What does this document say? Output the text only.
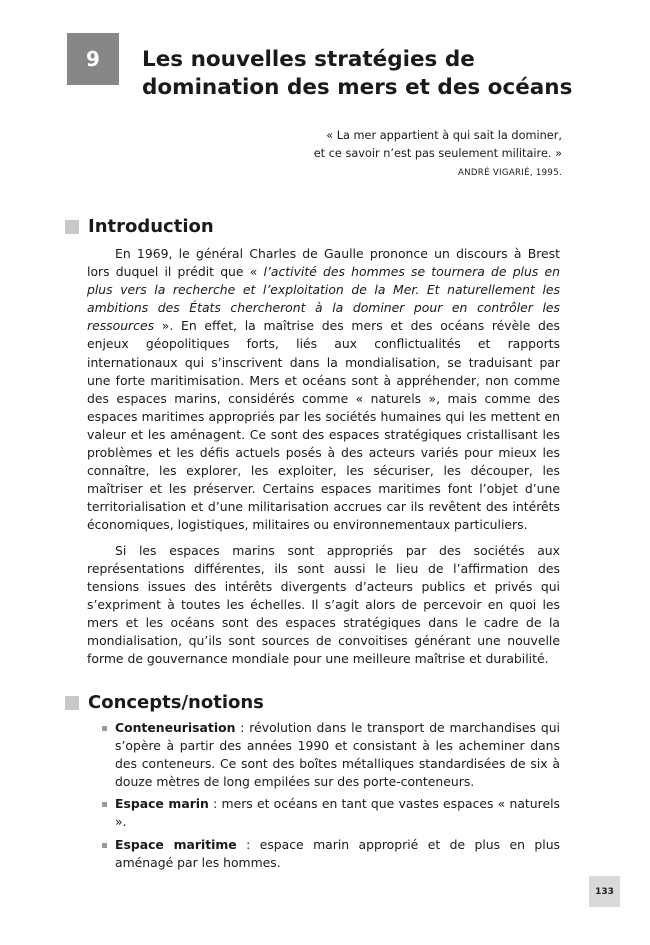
9 Les nouvelles stratégies de domination des mers et des océans
« La mer appartient à qui sait la dominer,
et ce savoir n’est pas seulement militaire. »
ANDRÉ VIGARIÉ, 1995.
Introduction

En 1969, le général Charles de Gaulle prononce un discours à Brest lors duquel il prédit que « l’activité des hommes se tournera de plus en plus vers la recherche et l’exploitation de la Mer. Et naturellement les ambitions des États chercheront à la dominer pour en contrôler les ressources ». En effet, la maîtrise des mers et des océans révèle des enjeux géopolitiques forts, liés aux conflictualités et rapports internationaux qui s’inscrivent dans la mondialisation, se traduisant par une forte maritimisation. Mers et océans sont à appréhender, non comme des espaces marins, considérés comme « naturels », mais comme des espaces maritimes appropriés par les sociétés humaines qui les mettent en valeur et les aménagent. Ce sont des espaces stratégiques cristallisant les problèmes et les défis actuels posés à des acteurs variés pour mieux les connaître, les explorer, les exploiter, les sécuriser, les découper, les maîtriser et les préserver. Certains espaces maritimes font l’objet d’une territorialisation et d’une militarisation accrues car ils revêtent des intérêts économiques, logistiques, militaires ou environnementaux particuliers.

Si les espaces marins sont appropriés par des sociétés aux représentations différentes, ils sont aussi le lieu de l’affirmation des tensions issues des intérêts divergents d’acteurs publics et privés qui s’expriment à toutes les échelles. Il s’agit alors de percevoir en quoi les mers et les océans sont des espaces stratégiques dans le cadre de la mondialisation, qu’ils sont sources de convoitises générant une nouvelle forme de gouvernance mondiale pour une meilleure maîtrise et durabilité.

Concepts/notions
Conteneurisation : révolution dans le transport de marchandises qui s’opère à partir des années 1990 et consistant à les acheminer dans des conteneurs. Ce sont des boîtes métalliques standardisées de six à douze mètres de long empilées sur des porte-conteneurs.
Espace marin : mers et océans en tant que vastes espaces « naturels ».
Espace maritime : espace marin approprié et de plus en plus aménagé par les hommes.
133
